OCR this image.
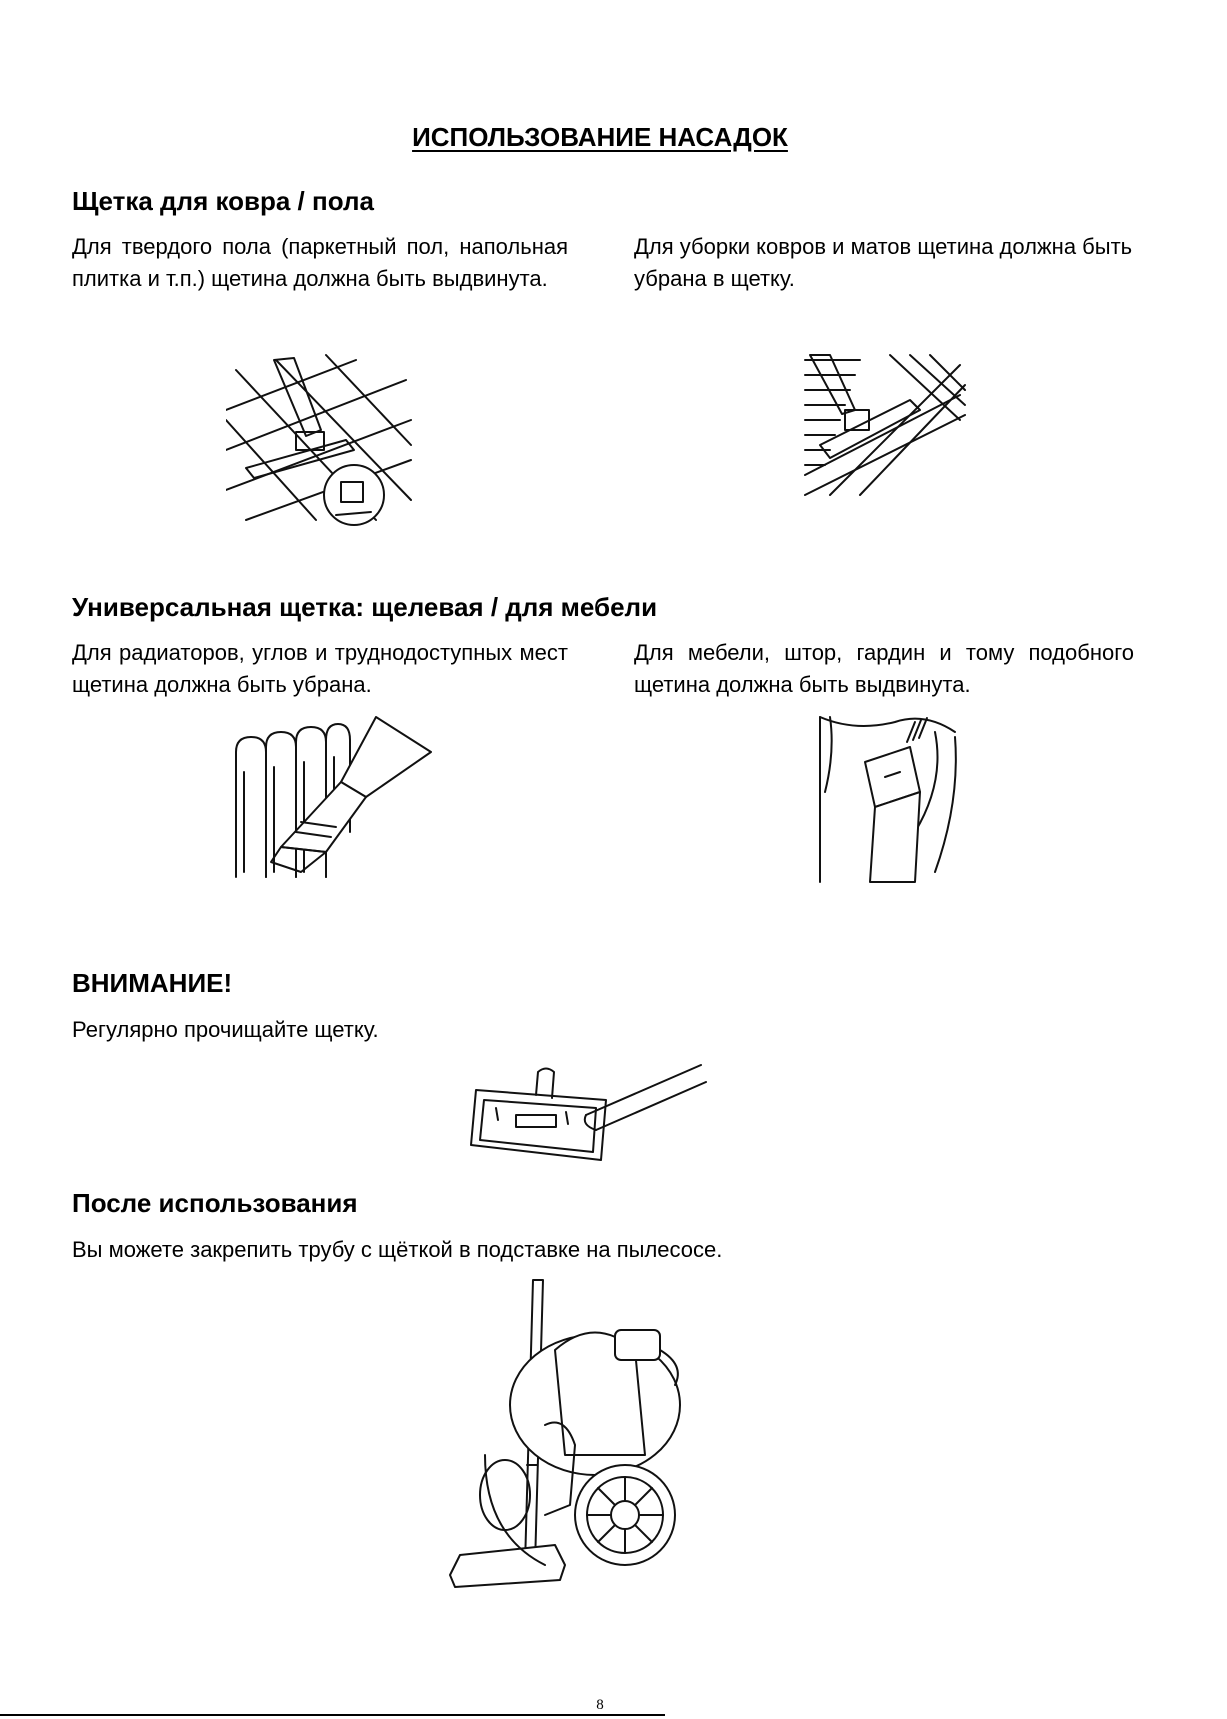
ИСПОЛЬЗОВАНИЕ НАСАДОК
Щетка для ковра / пола
Для твердого пола (паркетный пол, напольная плитка и т.п.) щетина должна быть выдвинута.
Для уборки ковров и матов щетина должна быть убрана в щетку.
Универсальная щетка: щелевая / для мебели
Для радиаторов, углов и труднодоступных мест щетина должна быть убрана.
Для мебели, штор, гардин и тому подобного щетина должна быть выдвинута.
ВНИМАНИЕ!
Регулярно прочищайте щетку.
После использования
Вы можете закрепить трубу с щёткой в подставке на пылесосе.
8
